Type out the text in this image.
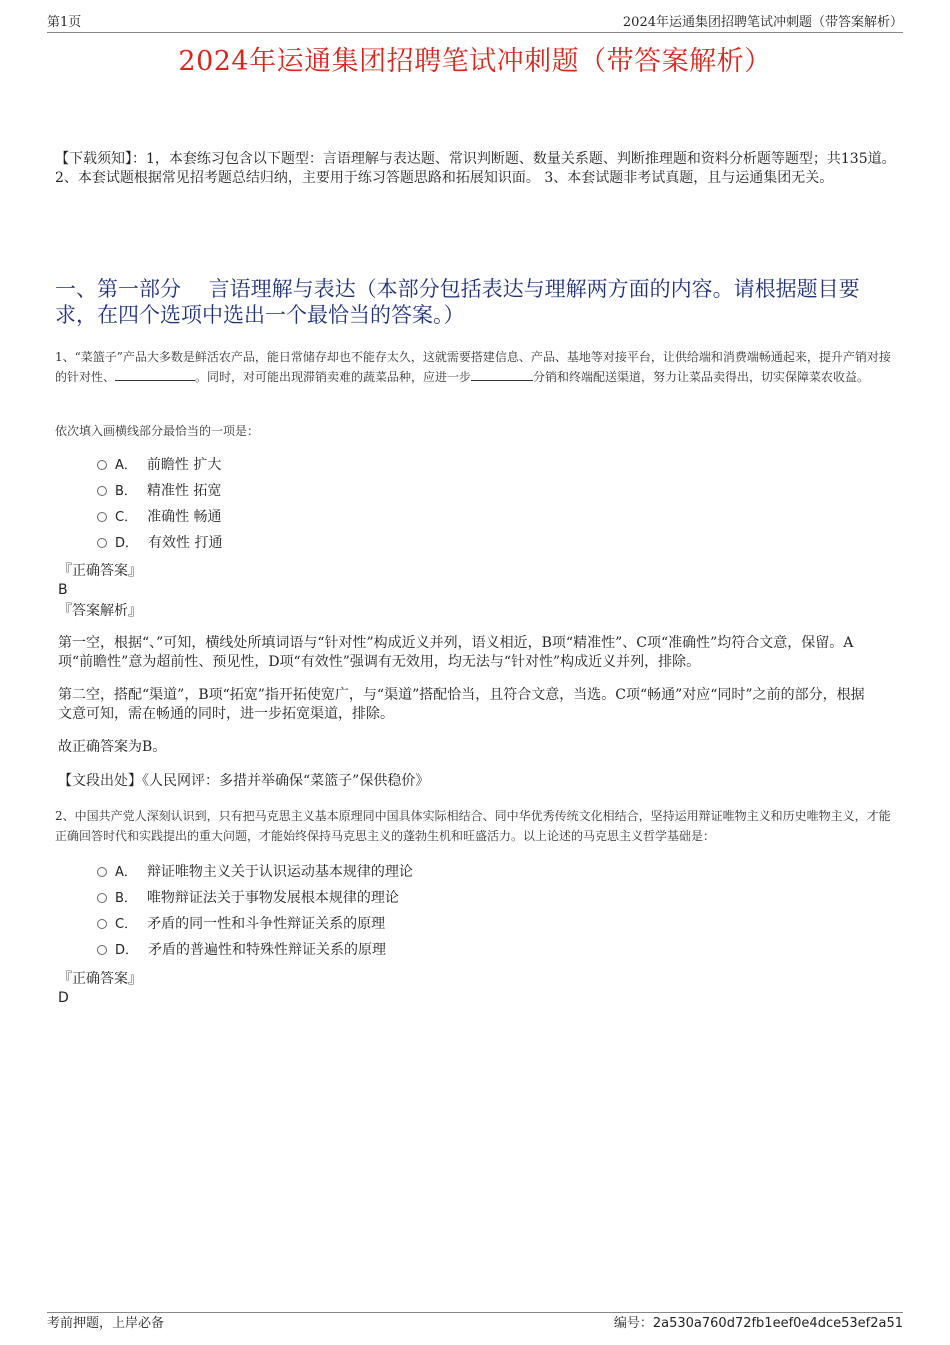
第1页	2024年运通集团招聘笔试冲刺题（带答案解析）
2024年运通集团招聘笔试冲刺题（带答案解析）

【下载须知】：1，本套练习包含以下题型：言语理解与表达题、常识判断题、数量关系题、判断推理题和资料分析题等题型；共135道。 2、本套试题根据常见招考题总结归纳，主要用于练习答题思路和拓展知识面。 3、本套试题非考试真题，且与运通集团无关。

一、第一部分　 言语理解与表达（本部分包括表达与理解两方面的内容。请根据题目要求，在四个选项中选出一个最恰当的答案。）

1、“菜篮子”产品大多数是鲜活农产品，能日常储存却也不能存太久，这就需要搭建信息、产品、基地等对接平台，让供给端和消费端畅通起来，提升产销对接的针对性、	。同时，对可能出现滞销卖难的蔬菜品种，应进一步	分销和终端配送渠道，努力让菜品卖得出，切实保障菜农收益。

依次填入画横线部分最恰当的一项是：

A． 前瞻性 扩大
B． 精准性 拓宽
C． 准确性 畅通
D． 有效性 打通
『正确答案』
B
『答案解析』

第一空，根据“、”可知，横线处所填词语与“针对性”构成近义并列，语义相近，B项“精准性”、C项“准确性”均符合文意，保留。A项“前瞻性”意为超前性、预见性，D项“有效性”强调有无效用，均无法与“针对性”构成近义并列，排除。

第二空，搭配“渠道”，B项“拓宽”指开拓使宽广，与“渠道”搭配恰当，且符合文意，当选。C项“畅通”对应“同时”之前的部分，根据文意可知，需在畅通的同时，进一步拓宽渠道，排除。

故正确答案为B。

【文段出处】《人民网评：多措并举确保“菜篮子”保供稳价》

2、中国共产党人深刻认识到，只有把马克思主义基本原理同中国具体实际相结合、同中华优秀传统文化相结合，坚持运用辩证唯物主义和历史唯物主义，才能正确回答时代和实践提出的重大问题，才能始终保持马克思主义的蓬勃生机和旺盛活力。以上论述的马克思主义哲学基础是：

A． 辩证唯物主义关于认识运动基本规律的理论
B． 唯物辩证法关于事物发展根本规律的理论
C． 矛盾的同一性和斗争性辩证关系的原理
D． 矛盾的普遍性和特殊性辩证关系的原理
『正确答案』
D
考前押题，上岸必备	编号：2a530a760d72fb1eef0e4dce53ef2a51
